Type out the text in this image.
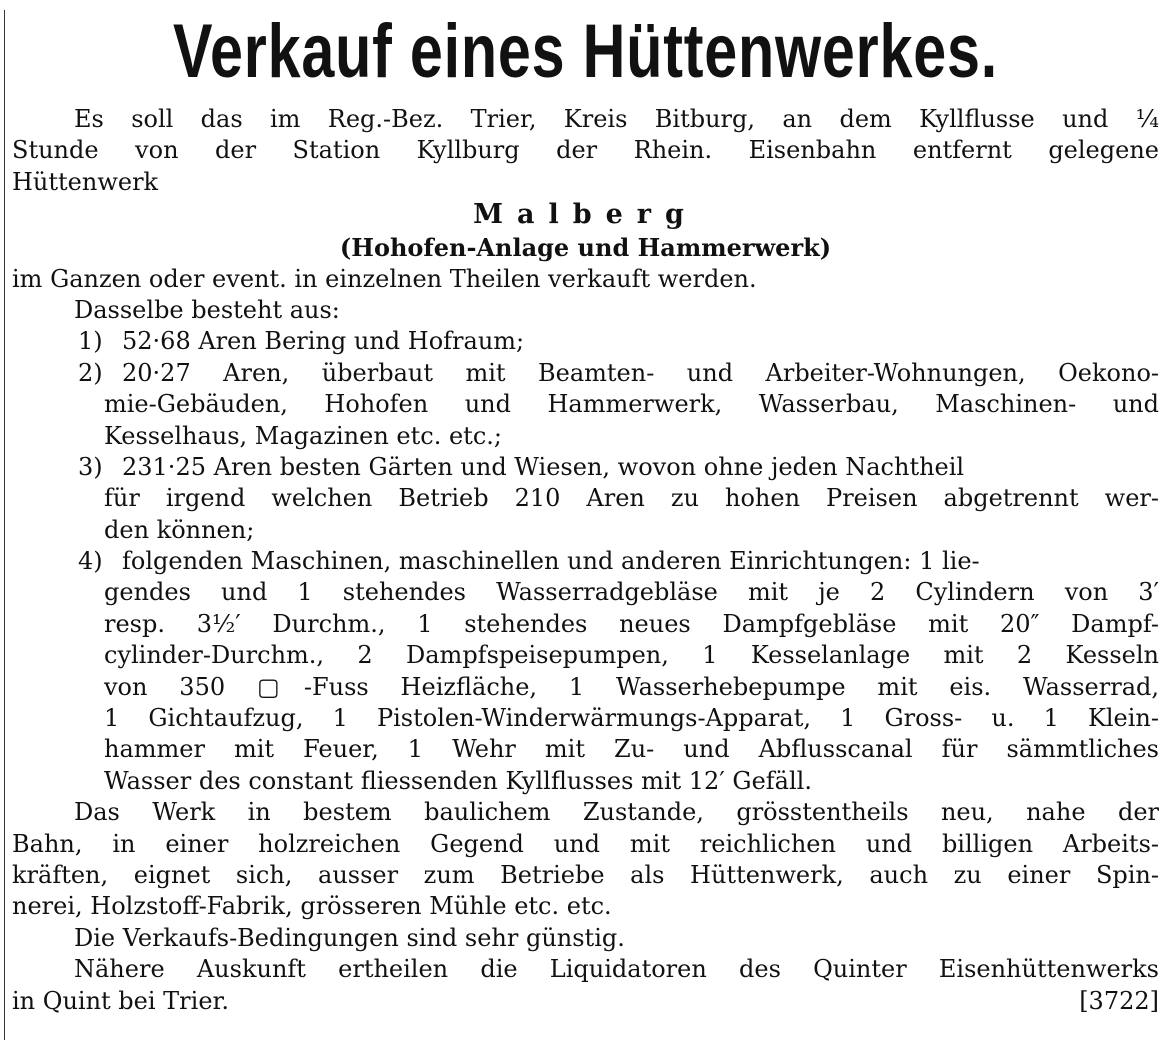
Verkauf eines Hüttenwerkes.
Es soll das im Reg.-Bez. Trier, Kreis Bitburg, an dem Kyllflusse und ¼
Stunde von der Station Kyllburg der Rhein. Eisenbahn entfernt gelegene
Hüttenwerk
Malberg
(Hohofen-Anlage und Hammerwerk)
im Ganzen oder event. in einzelnen Theilen verkauft werden.
Dasselbe besteht aus:
1) 52·68 Aren Bering und Hofraum;
2) 20·27 Aren, überbaut mit Beamten- und Arbeiter-Wohnungen, Oekono-
mie-Gebäuden, Hohofen und Hammerwerk, Wasserbau, Maschinen- und
Kesselhaus, Magazinen etc. etc.;
3) 231·25 Aren besten Gärten und Wiesen, wovon ohne jeden Nachtheil
für irgend welchen Betrieb 210 Aren zu hohen Preisen abgetrennt wer-
den können;
4) folgenden Maschinen, maschinellen und anderen Einrichtungen: 1 lie-
gendes und 1 stehendes Wasserradgebläse mit je 2 Cylindern von 3′
resp. 3½′ Durchm., 1 stehendes neues Dampfgebläse mit 20″ Dampf-
cylinder-Durchm., 2 Dampfspeisepumpen, 1 Kesselanlage mit 2 Kesseln
von 350 ▢-Fuss Heizfläche, 1 Wasserhebepumpe mit eis. Wasserrad,
1 Gichtaufzug, 1 Pistolen-Winderwärmungs-Apparat, 1 Gross- u. 1 Klein-
hammer mit Feuer, 1 Wehr mit Zu- und Abflusscanal für sämmtliches
Wasser des constant fliessenden Kyllflusses mit 12′ Gefäll.
Das Werk in bestem baulichem Zustande, grösstentheils neu, nahe der
Bahn, in einer holzreichen Gegend und mit reichlichen und billigen Arbeits-
kräften, eignet sich, ausser zum Betriebe als Hüttenwerk, auch zu einer Spin-
nerei, Holzstoff-Fabrik, grösseren Mühle etc. etc.
Die Verkaufs-Bedingungen sind sehr günstig.
Nähere Auskunft ertheilen die Liquidatoren des Quinter Eisenhüttenwerks
in Quint bei Trier.	[3722]
